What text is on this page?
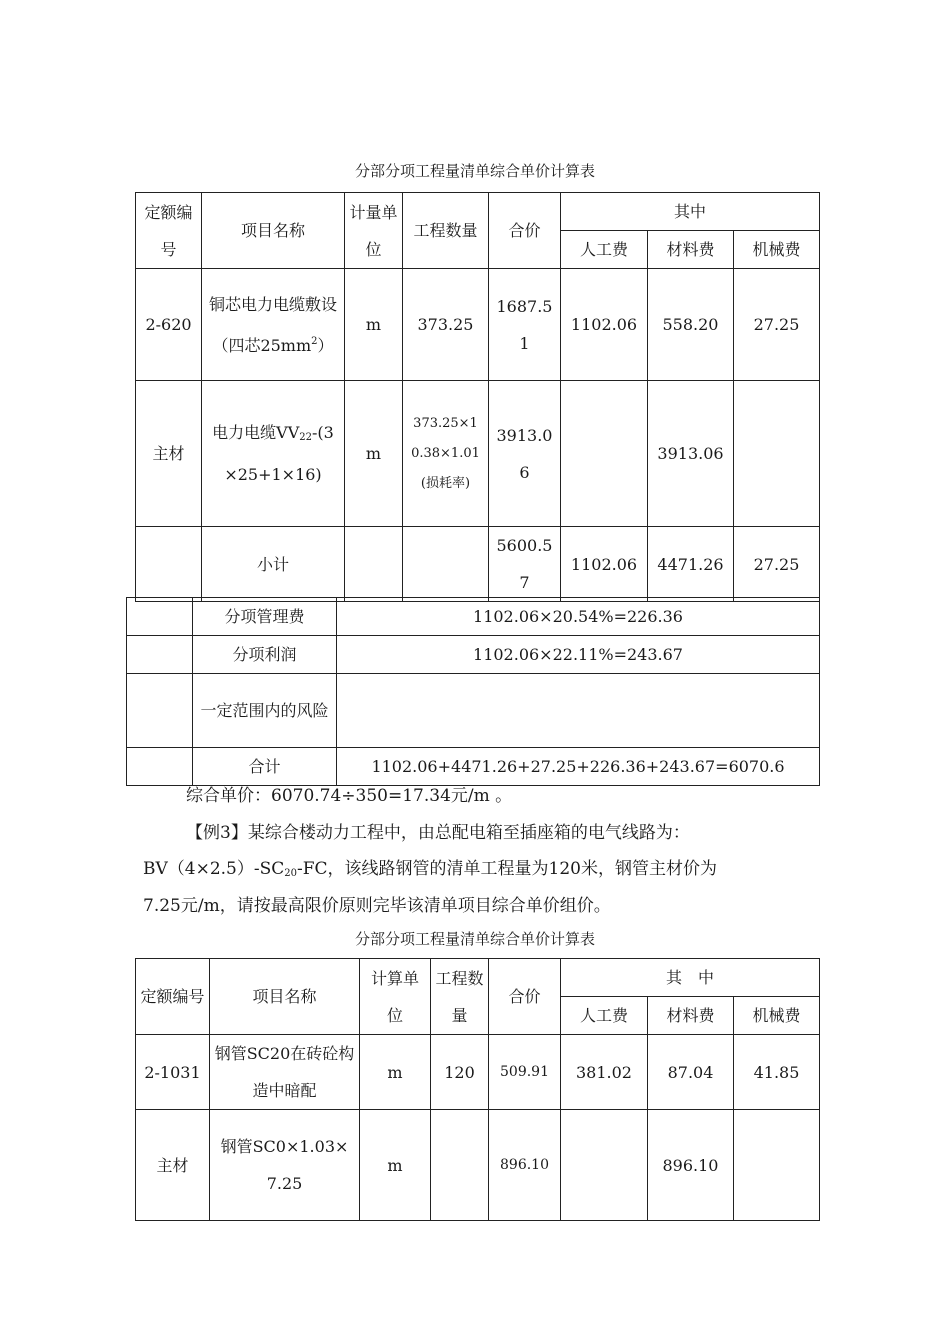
分部分项工程量清单综合单价计算表
定额编号	项目名称	计量单位	工程数量	合价	其中		
					人工费	材料费	机械费
2-620	铜芯电力电缆敷设（四芯$25mm^2$）	m	373.25	1687.51	1102.06	558.20	27.25
主材	电力电缆$VV_{22}-(3\times 25+1\times 16)$	m	373.25×10.38×1.01(损耗率)	3913.06		3913.06	
	小计			5600.57	1102.06	4471.26	27.25
	分项管理费	1102.06×20.54%=226.36
	分项利润	1102.06×22.11%=243.67
	一定范围内的风险	
	合计	1102.06+4471.26+27.25+226.36+243.67=6070.6
综合单价：6070.74÷350=17.34元/m 。
【例3】某综合楼动力工程中，由总配电箱至插座箱的电气线路为：
$BV(4\times 2.5)-SC_{20}-FC$，该线路钢管的清单工程量为120米，钢管主材价为
7.25元/m，请按最高限价原则完毕该清单项目综合单价组价。
分部分项工程量清单综合单价计算表
定额编号	项目名称	计算单位	工程数量	合价	其　中		
					人工费	材料费	机械费
2-1031	钢管SC20在砖砼构造中暗配	m	120	509.91	381.02	87.04	41.85
主材	钢管SC0×1.03×7.25	m		896.10		896.10	
